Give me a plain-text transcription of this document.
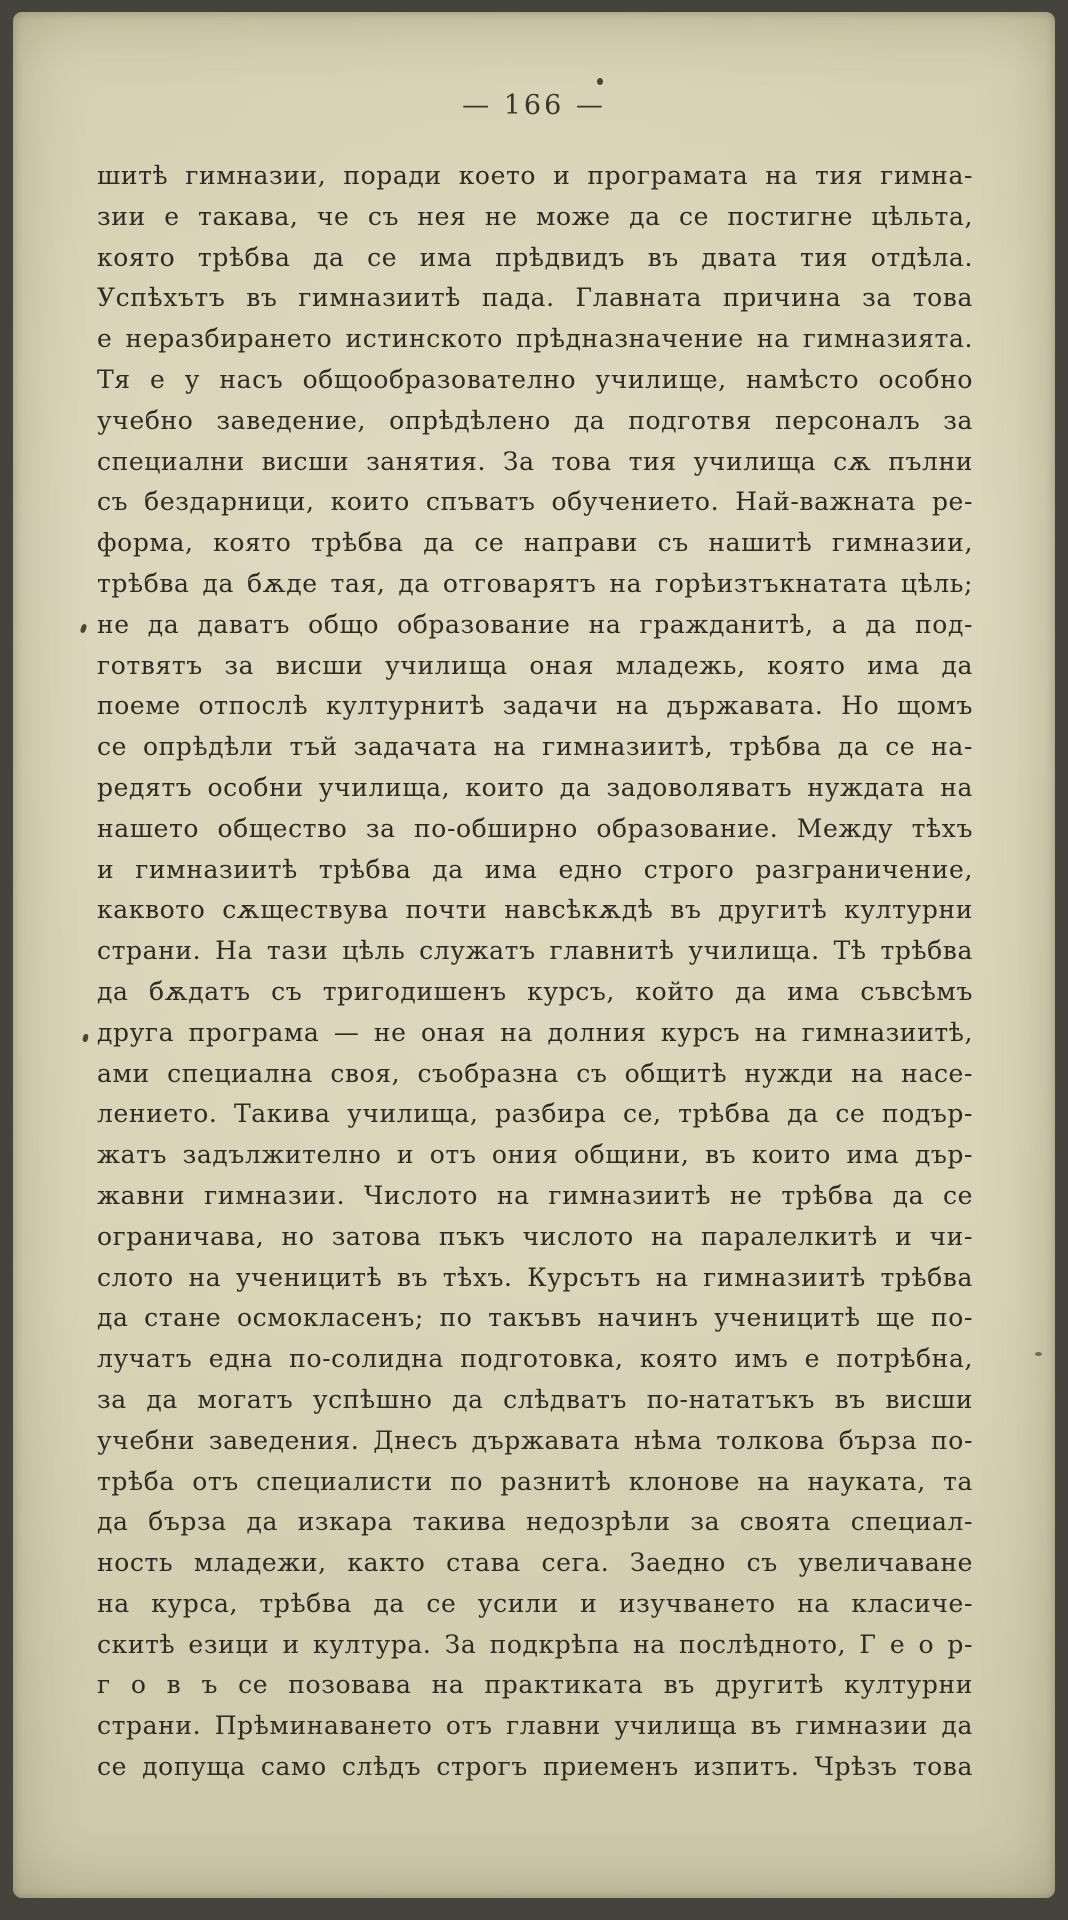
— 166 —
шитѣ гимназии, поради което и програмата на тия гимна-
зии е такава, че съ нея не може да се постигне цѣльта,
която трѣбва да се има прѣдвидъ въ двата тия отдѣла.
Успѣхътъ въ гимназиитѣ пада. Главната причина за това
е неразбирането истинското прѣдназначение на гимназията.
Тя е у насъ общообразователно училище, намѣсто особно
учебно заведение, опрѣдѣлено да подготвя персоналъ за
специални висши занятия. За това тия училища сѫ пълни
съ бездарници, които спъватъ обучението. Най-важната ре-
форма, която трѣбва да се направи съ нашитѣ гимназии,
трѣбва да бѫде тая, да отговарятъ на горѣизтъкнатата цѣль;
не да даватъ общо образование на гражданитѣ, а да под-
готвятъ за висши училища оная младежь, която има да
поеме отпослѣ културнитѣ задачи на държавата. Но щомъ
се опрѣдѣли тъй задачата на гимназиитѣ, трѣбва да се на-
редятъ особни училища, които да задоволяватъ нуждата на
нашето общество за по-обширно образование. Между тѣхъ
и гимназиитѣ трѣбва да има едно строго разграничение,
каквото сѫществува почти навсѣкѫдѣ въ другитѣ културни
страни. На тази цѣль служатъ главнитѣ училища. Тѣ трѣбва
да бѫдатъ съ тригодишенъ курсъ, който да има съвсѣмъ
друга програма — не оная на долния курсъ на гимназиитѣ,
ами специална своя, съобразна съ общитѣ нужди на насе-
лението. Такива училища, разбира се, трѣбва да се подър-
жатъ задължително и отъ ония общини, въ които има дър-
жавни гимназии. Числото на гимназиитѣ не трѣбва да се
ограничава, но затова пъкъ числото на паралелкитѣ и чи-
слото на ученицитѣ въ тѣхъ. Курсътъ на гимназиитѣ трѣбва
да стане осмокласенъ; по такъвъ начинъ ученицитѣ ще по-
лучатъ една по-солидна подготовка, която имъ е потрѣбна,
за да могатъ успѣшно да слѣдватъ по-нататъкъ въ висши
учебни заведения. Днесъ държавата нѣма толкова бърза по-
трѣба отъ специалисти по разнитѣ клонове на науката, та
да бърза да изкара такива недозрѣли за своята специал-
ность младежи, както става сега. Заедно съ увеличаване
на курса, трѣбва да се усили и изучването на класиче-
скитѣ езици и култура. За подкрѣпа на послѣдното, Г е о р-
г о в ъ се позовава на практиката въ другитѣ културни
страни. Прѣминаването отъ главни училища въ гимназии да
се допуща само слѣдъ строгъ приеменъ изпитъ. Чрѣзъ това
